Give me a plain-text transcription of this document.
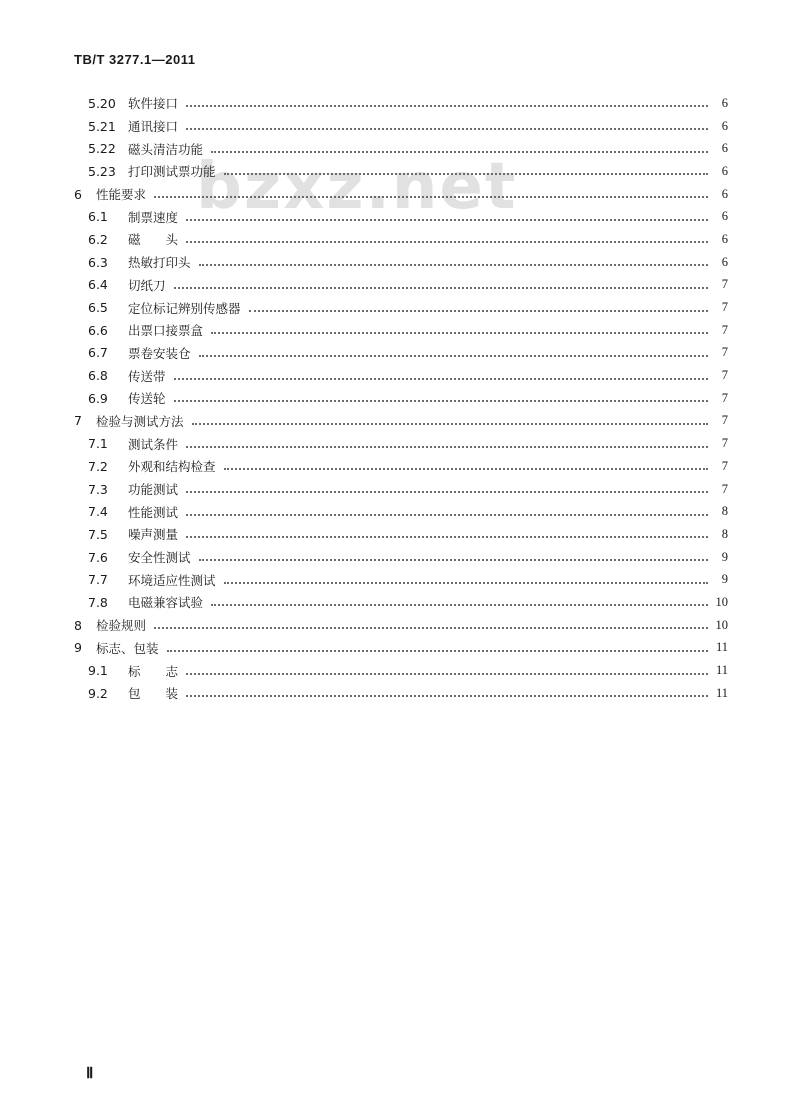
TB/T 3277.1—2011
bzxz.net
5.20 软件接口	6
5.21 通讯接口	6
5.22 磁头清洁功能	6
5.23 打印测试票功能	6
6	性能要求	6
6.1	制票速度	6
6.2	磁　　头	6
6.3	热敏打印头	6
6.4	切纸刀	7
6.5	定位标记辨别传感器	7
6.6	出票口接票盒	7
6.7	票卷安装仓	7
6.8	传送带	7
6.9	传送轮	7
7	检验与测试方法	7
7.1	测试条件	7
7.2	外观和结构检查	7
7.3	功能测试	7
7.4	性能测试	8
7.5	噪声测量	8
7.6	安全性测试	9
7.7	环境适应性测试	9
7.8	电磁兼容试验	10
8	检验规则	10
9	标志、包装	11
9.1	标　　志	11
9.2	包　　装	11
Ⅱ
